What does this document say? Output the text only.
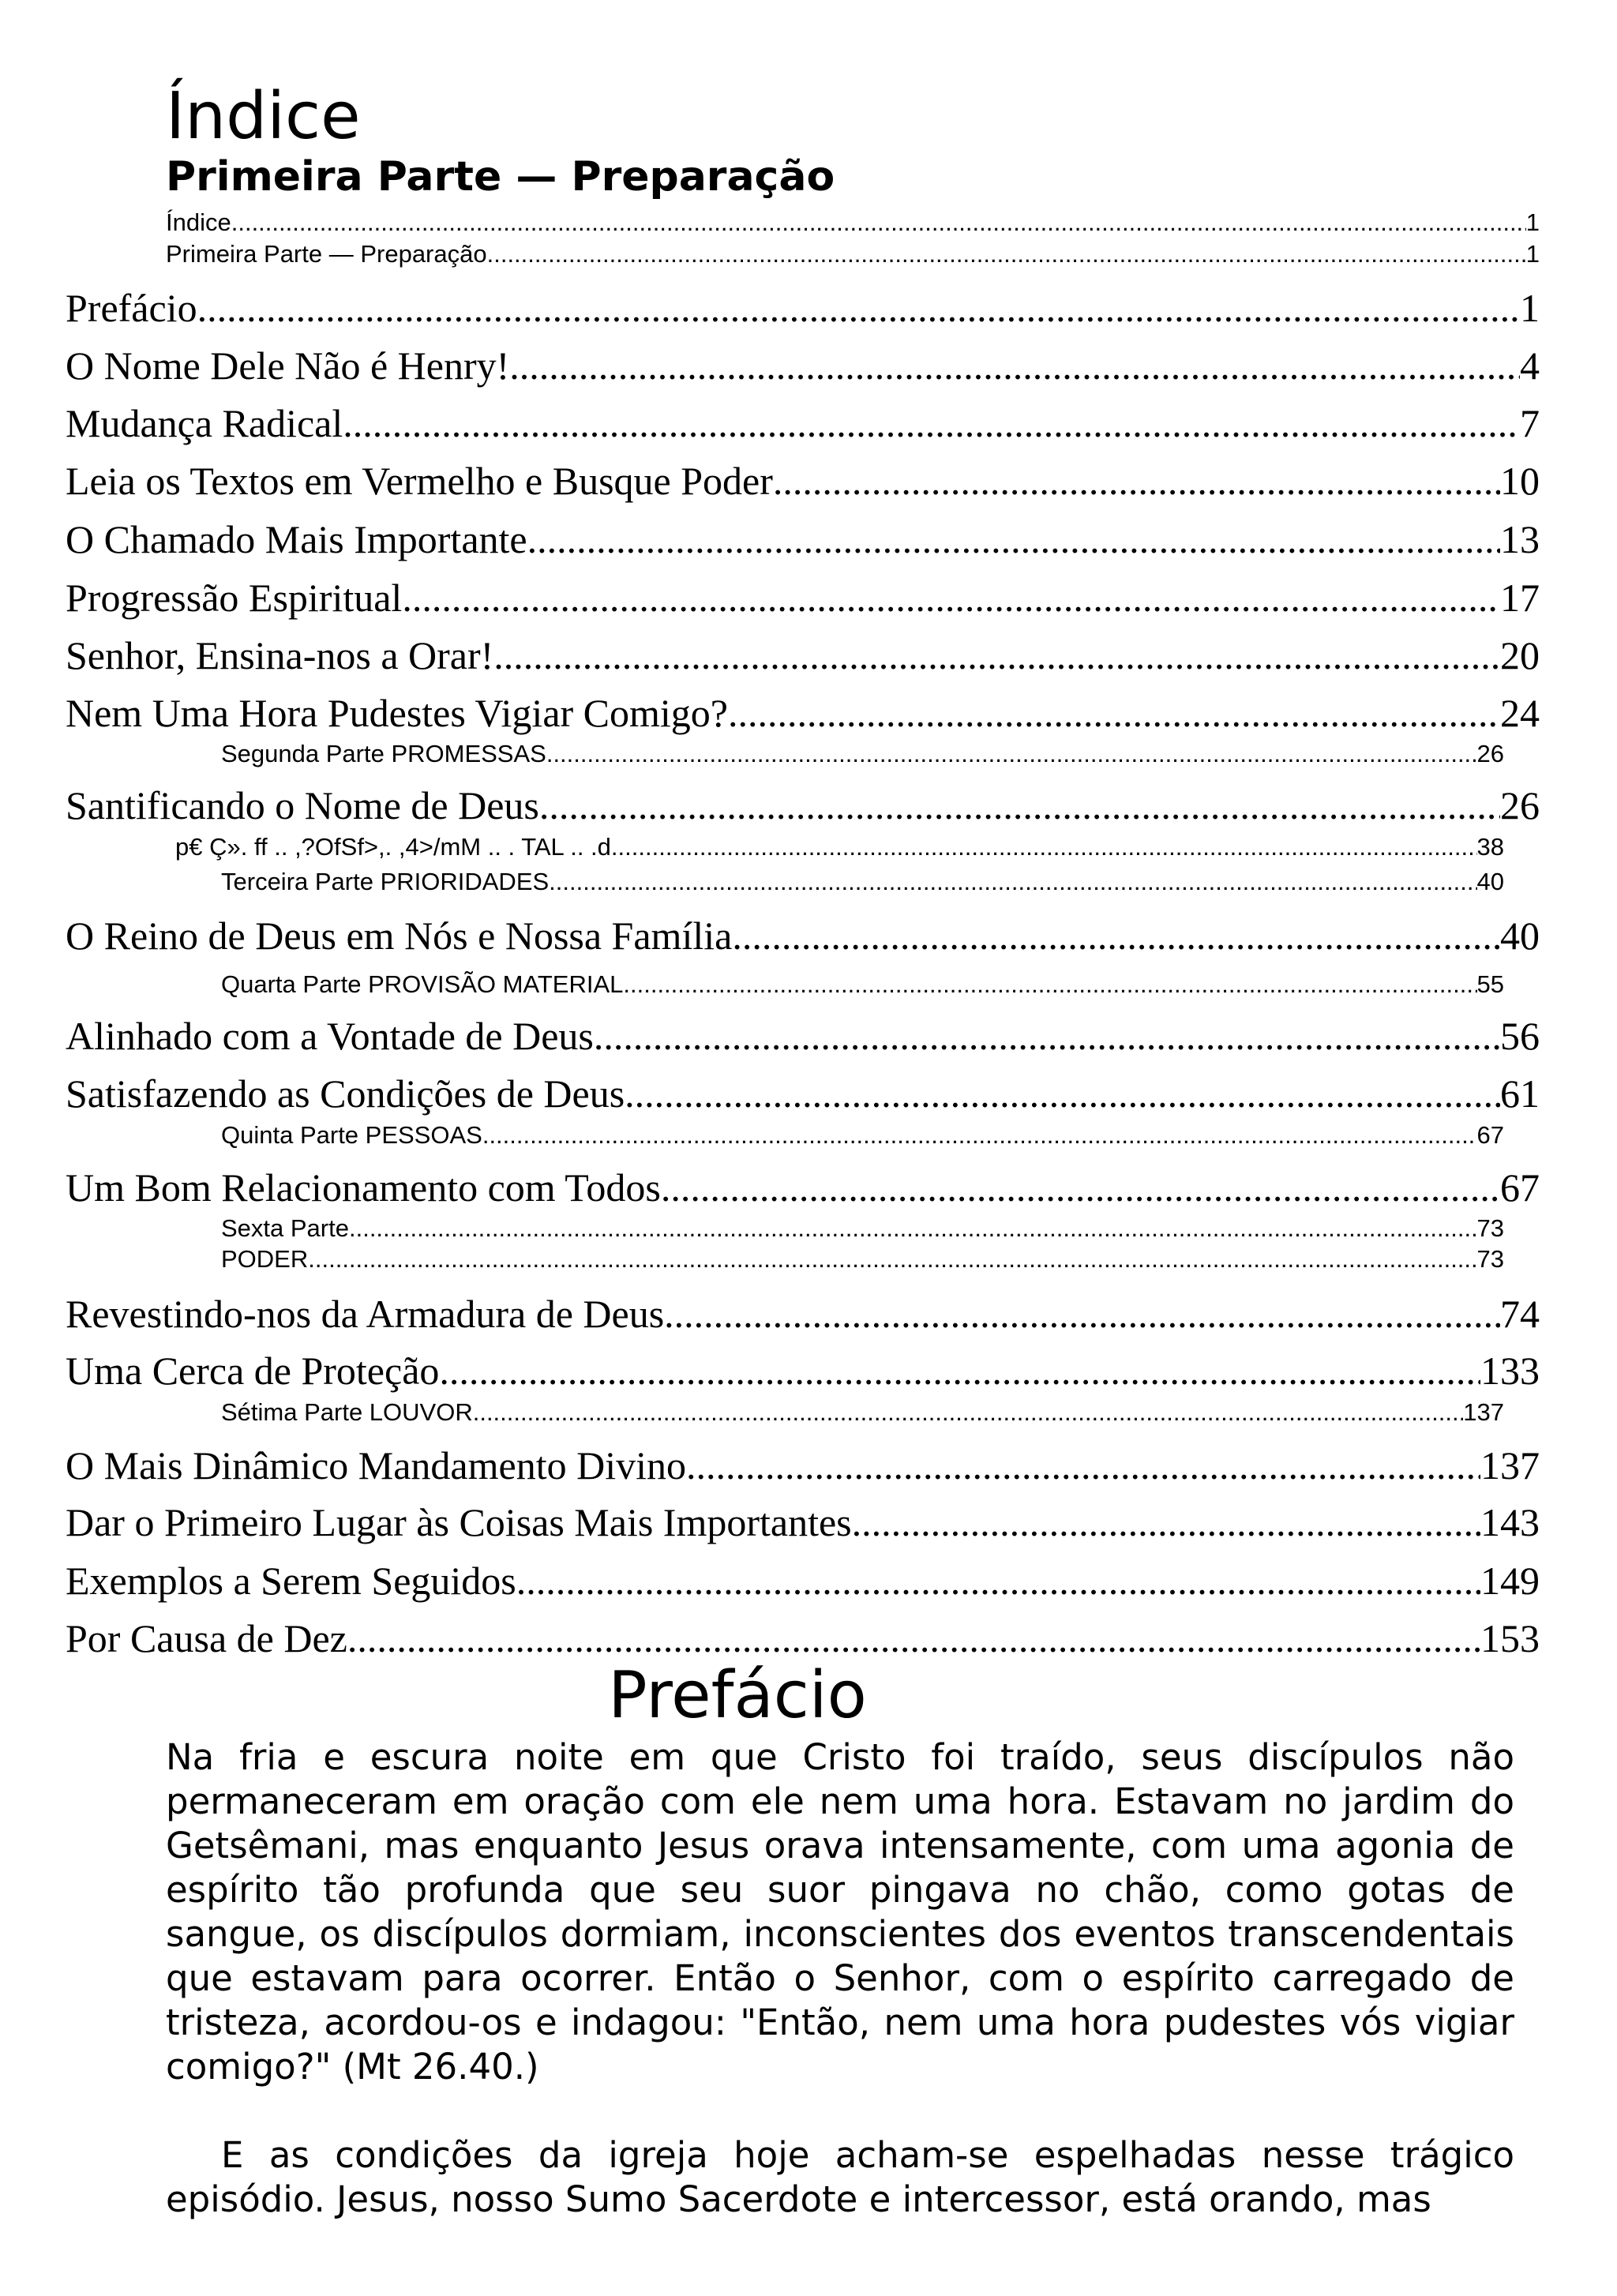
Índice
Primeira Parte — Preparação
Índice .....	1
Primeira Parte — Preparação .....	1
Prefácio .....	1
O Nome Dele Não é Henry! .....	4
Mudança Radical .....	7
Leia os Textos em Vermelho e Busque Poder .....	10
O Chamado Mais Importante .....	13
Progressão Espiritual .....	17
Senhor, Ensina-nos a Orar! .....	20
Nem Uma Hora Pudestes Vigiar Comigo? .....	24
Segunda Parte PROMESSAS .....	26
Santificando o Nome de Deus .....	26
p€ Ç». ff .. ,?OfSf>,. ,4>/mM .. . TAL .. .d .....	38
Terceira Parte PRIORIDADES .....	40
O Reino de Deus em Nós e Nossa Família .....	40
Quarta Parte PROVISÃO MATERIAL .....	55
Alinhado com a Vontade de Deus .....	56
Satisfazendo as Condições de Deus .....	61
Quinta Parte PESSOAS .....	67
Um Bom Relacionamento com Todos .....	67
Sexta Parte .....	73
PODER .....	73
Revestindo-nos da Armadura de Deus .....	74
Uma Cerca de Proteção .....	133
Sétima Parte LOUVOR .....	137
O Mais Dinâmico Mandamento Divino .....	137
Dar o Primeiro Lugar às Coisas Mais Importantes .....	143
Exemplos a Serem Seguidos .....	149
Por Causa de Dez .....	153
Prefácio

Na fria e escura noite em que Cristo foi traído, seus discípulos não permaneceram em oração com ele nem uma hora. Estavam no jardim do Getsêmani, mas enquanto Jesus orava intensamente, com uma agonia de espírito tão profunda que seu suor pingava no chão, como gotas de sangue, os discípulos dormiam, inconscientes dos eventos transcendentais que estavam para ocorrer. Então o Senhor, com o espírito carregado de tristeza, acordou-os e indagou: "Então, nem uma hora pudestes vós vigiar comigo?" (Mt 26.40.)

E as condições da igreja hoje acham-se espelhadas nesse trágico episódio. Jesus, nosso Sumo Sacerdote e intercessor, está orando, mas
